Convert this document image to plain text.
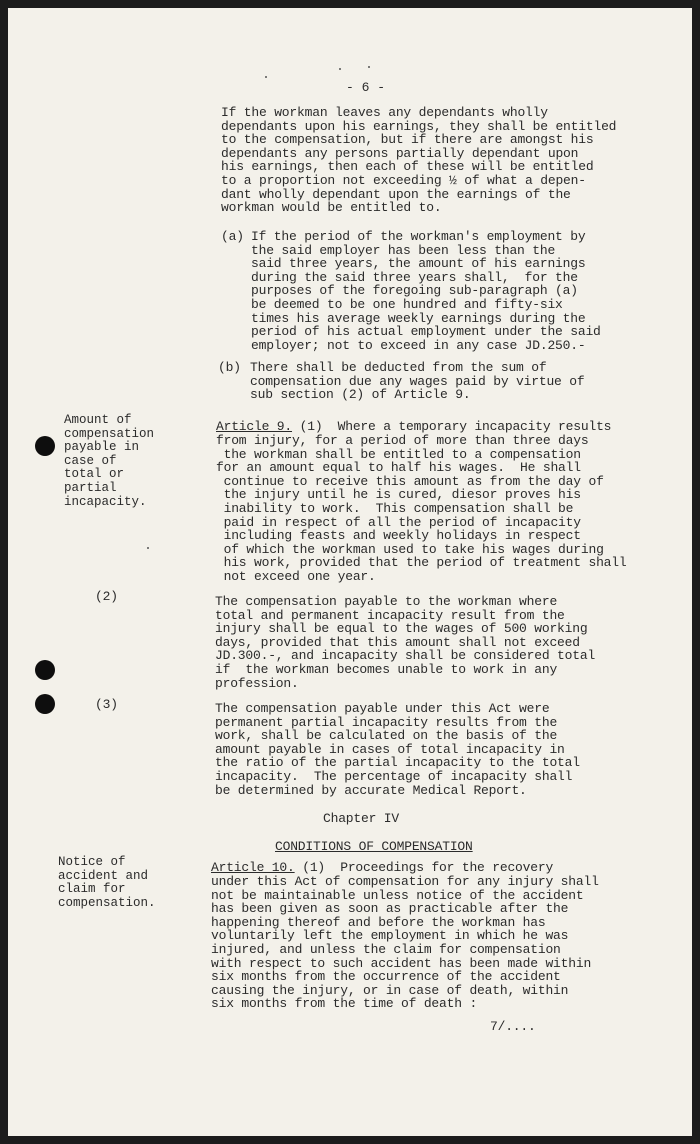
- 6 -
If the workman leaves any dependants wholly
dependants upon his earnings, they shall be entitled
to the compensation, but if there are amongst his
dependants any persons partially dependant upon
his earnings, then each of these will be entitled
to a proportion not exceeding ½ of what a depen-
dant wholly dependant upon the earnings of the
workman would be entitled to.
(a) If the period of the workman's employment by
the said employer has been less than the
said three years, the amount of his earnings
during the said three years shall,  for the
purposes of the foregoing sub-paragraph (a)
be deemed to be one hundred and fifty-six
times his average weekly earnings during the
period of his actual employment under the said
employer; not to exceed in any case JD.250.-
(b) There shall be deducted from the sum of
compensation due any wages paid by virtue of
sub section (2) of Article 9.
Amount of
compensation
payable in
case of
total or
partial
incapacity.
Article 9. (1)  Where a temporary incapacity results
from injury, for a period of more than three days
the workman shall be entitled to a compensation
for an amount equal to half his wages.  He shall
continue to receive this amount as from the day of
the injury until he is cured, diesor proves his
inability to work.  This compensation shall be
paid in respect of all the period of incapacity
including feasts and weekly holidays in respect
of which the workman used to take his wages during
his work, provided that the period of treatment shall
not exceed one year.
(2)	The compensation payable to the workman where
total and permanent incapacity result from the
injury shall be equal to the wages of 500 working
days, provided that this amount shall not exceed
JD.300.-, and incapacity shall be considered total
if  the workman becomes unable to work in any
profession.
(3)	The compensation payable under this Act were
permanent partial incapacity results from the
work, shall be calculated on the basis of the
amount payable in cases of total incapacity in
the ratio of the partial incapacity to the total
incapacity.  The percentage of incapacity shall
be determined by accurate Medical Report.
Chapter IV
CONDITIONS OF COMPENSATION
Notice of
accident and
claim for
compensation.
Article 10. (1)  Proceedings for the recovery
under this Act of compensation for any injury shall
not be maintainable unless notice of the accident
has been given as soon as practicable after the
happening thereof and before the workman has
voluntarily left the employment in which he was
injured, and unless the claim for compensation
with respect to such accident has been made within
six months from the occurrence of the accident
causing the injury, or in case of death, within
six months from the time of death :
7/....
